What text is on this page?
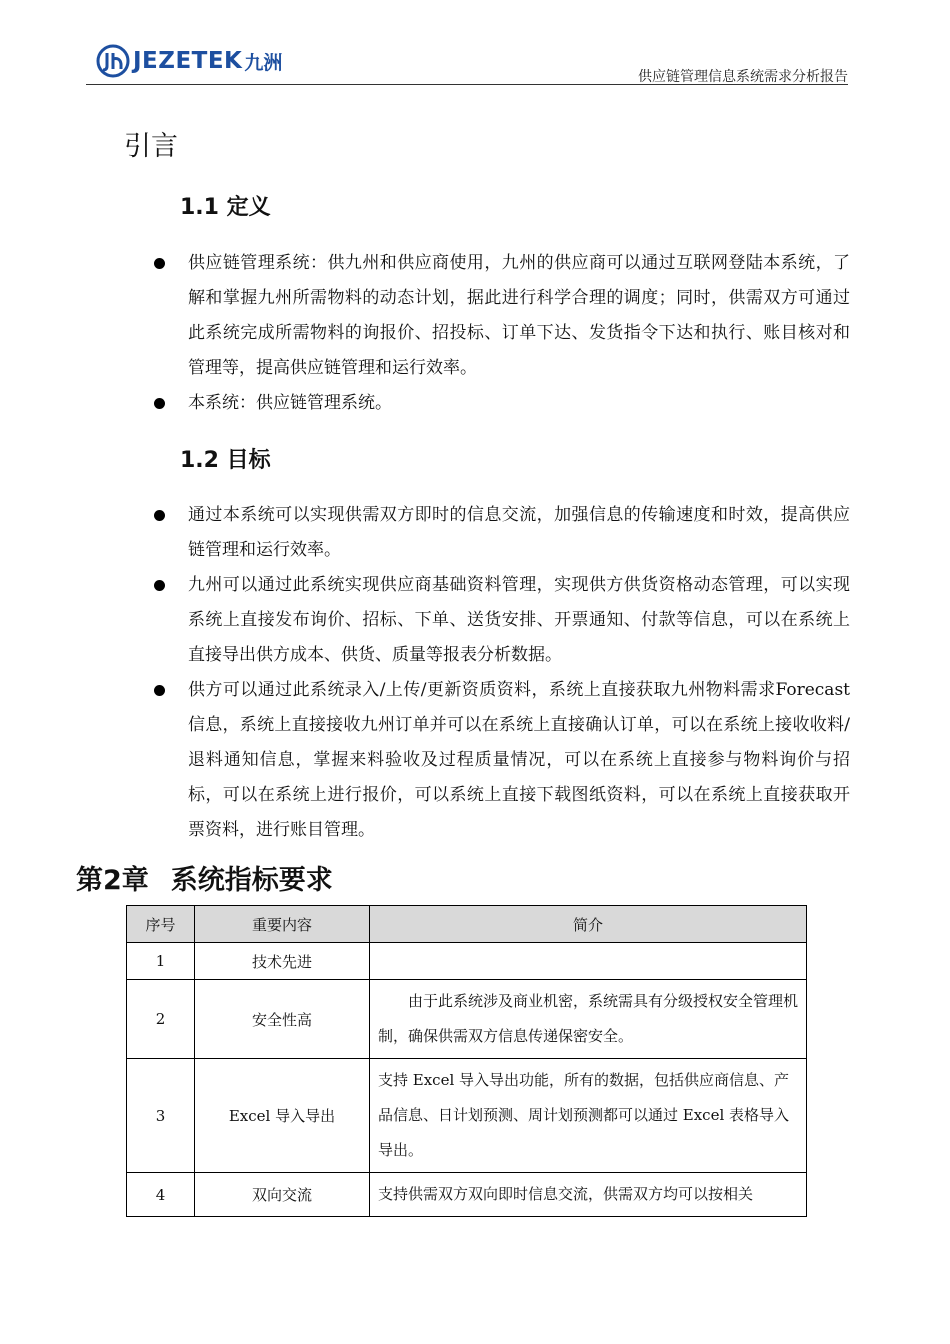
JEZETEK 九洲
供应链管理信息系统需求分析报告
引言
1.1 定义
供应链管理系统：供九州和供应商使用，九州的供应商可以通过互联网登陆本系统，了解和掌握九州所需物料的动态计划，据此进行科学合理的调度；同时，供需双方可通过此系统完成所需物料的询报价、招投标、订单下达、发货指令下达和执行、账目核对和管理等，提高供应链管理和运行效率。
本系统：供应链管理系统。
1.2 目标
通过本系统可以实现供需双方即时的信息交流，加强信息的传输速度和时效，提高供应链管理和运行效率。
九州可以通过此系统实现供应商基础资料管理，实现供方供货资格动态管理，可以实现系统上直接发布询价、招标、下单、送货安排、开票通知、付款等信息，可以在系统上直接导出供方成本、供货、质量等报表分析数据。
供方可以通过此系统录入/上传/更新资质资料，系统上直接获取九州物料需求Forecast信息，系统上直接接收九州订单并可以在系统上直接确认订单，可以在系统上接收收料/退料通知信息，掌握来料验收及过程质量情况，可以在系统上直接参与物料询价与招标，可以在系统上进行报价，可以系统上直接下载图纸资料，可以在系统上直接获取开票资料，进行账目管理。
第2章 系统指标要求
序号	重要内容	简介
1	技术先进	
2	安全性高	由于此系统涉及商业机密，系统需具有分级授权安全管理机制，确保供需双方信息传递保密安全。
3	Excel 导入导出	支持 Excel 导入导出功能，所有的数据，包括供应商信息、产品信息、日计划预测、周计划预测都可以通过 Excel 表格导入导出。
4	双向交流	支持供需双方双向即时信息交流，供需双方均可以按相关
